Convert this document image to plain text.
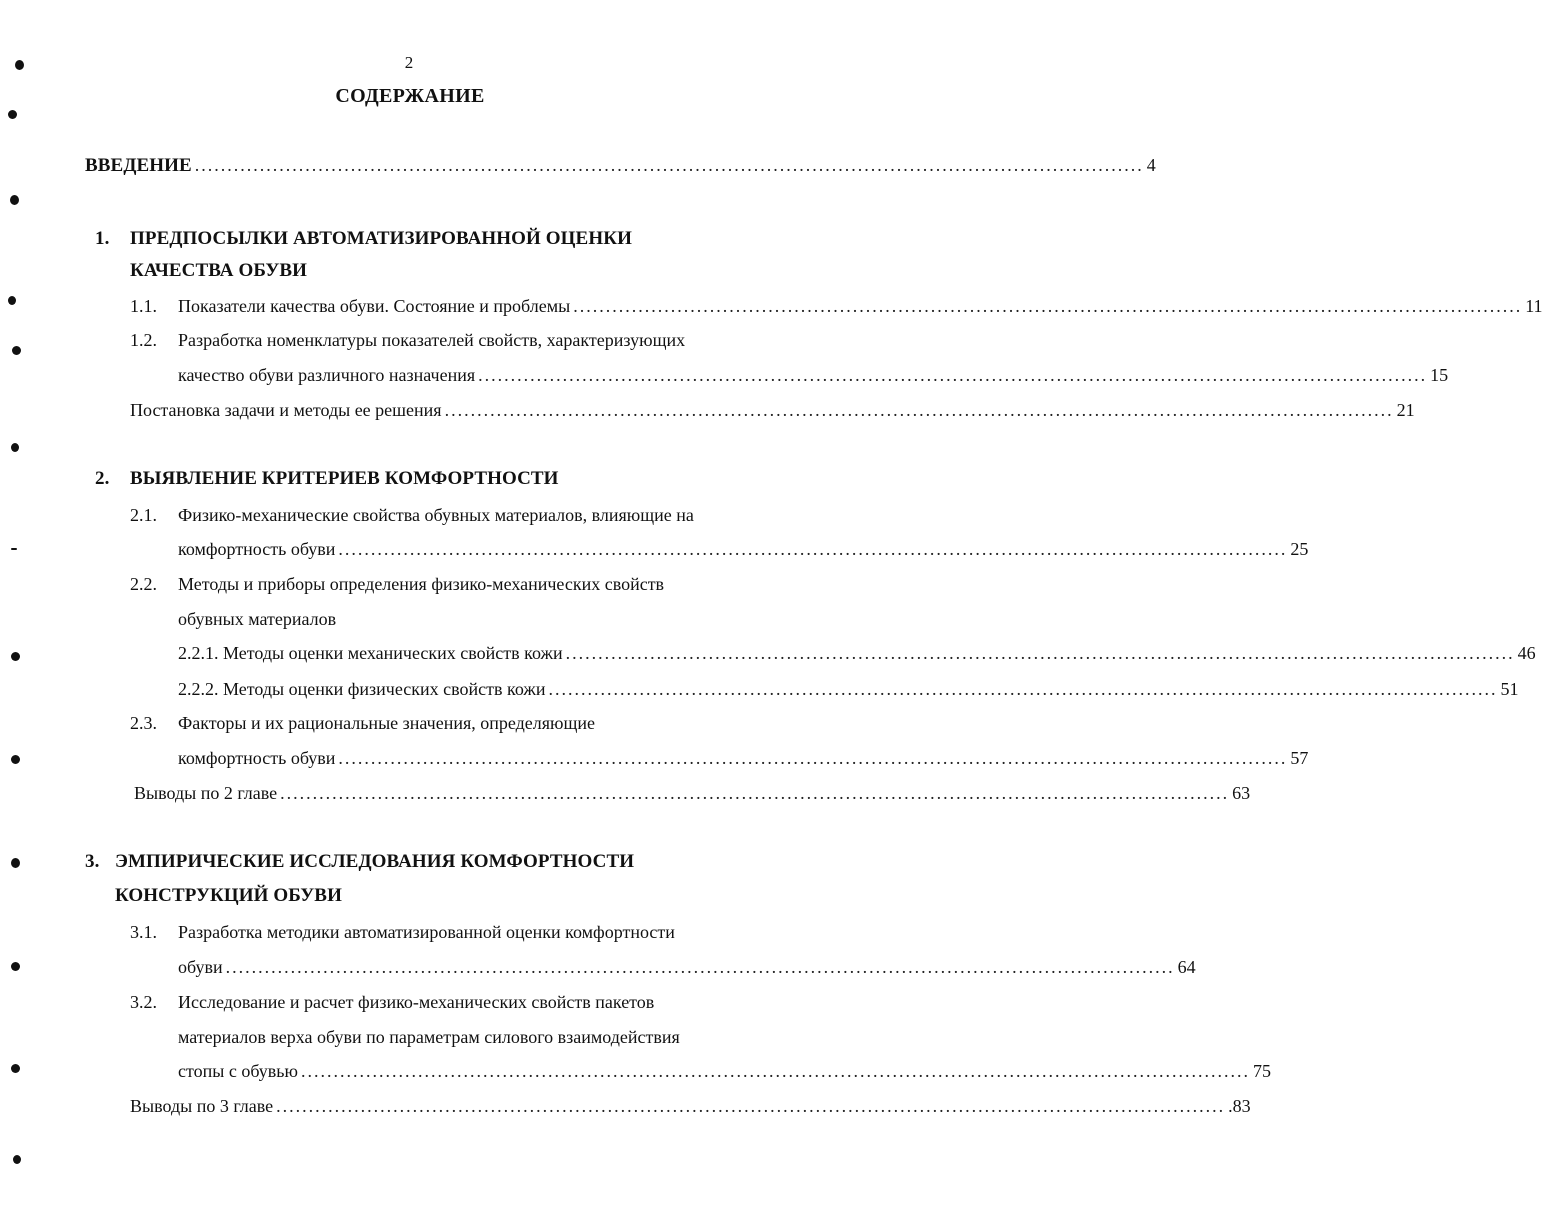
2
СОДЕРЖАНИЕ
ВВЕДЕНИЕ .................................................................................................................................................. 4
1. ПРЕДПОСЫЛКИ АВТОМАТИЗИРОВАННОЙ ОЦЕНКИ
КАЧЕСТВА ОБУВИ
1.1. Показатели качества обуви. Состояние и проблемы .................................................................................................................................................. 11
1.2. Разработка номенклатуры показателей свойств, характеризующих
качество обуви различного назначения .................................................................................................................................................. 15
Постановка задачи и методы ее решения .................................................................................................................................................. 21
2. ВЫЯВЛЕНИЕ КРИТЕРИЕВ КОМФОРТНОСТИ
2.1. Физико-механические свойства обувных материалов, влияющие на
комфортность обуви .................................................................................................................................................. 25
2.2. Методы и приборы определения физико-механических свойств
обувных материалов
2.2.1. Методы оценки механических свойств кожи .................................................................................................................................................. 46
2.2.2. Методы оценки физических свойств кожи .................................................................................................................................................. 51
2.3. Факторы и их рациональные значения, определяющие
комфортность обуви .................................................................................................................................................. 57
Выводы по 2 главе .................................................................................................................................................. 63
3. ЭМПИРИЧЕСКИЕ ИССЛЕДОВАНИЯ КОМФОРТНОСТИ
КОНСТРУКЦИЙ ОБУВИ
3.1. Разработка методики автоматизированной оценки комфортности
обуви .................................................................................................................................................. 64
3.2. Исследование и расчет физико-механических свойств пакетов
материалов верха обуви по параметрам силового взаимодействия
стопы с обувью .................................................................................................................................................. 75
Выводы по 3 главе .................................................................................................................................................. .83
